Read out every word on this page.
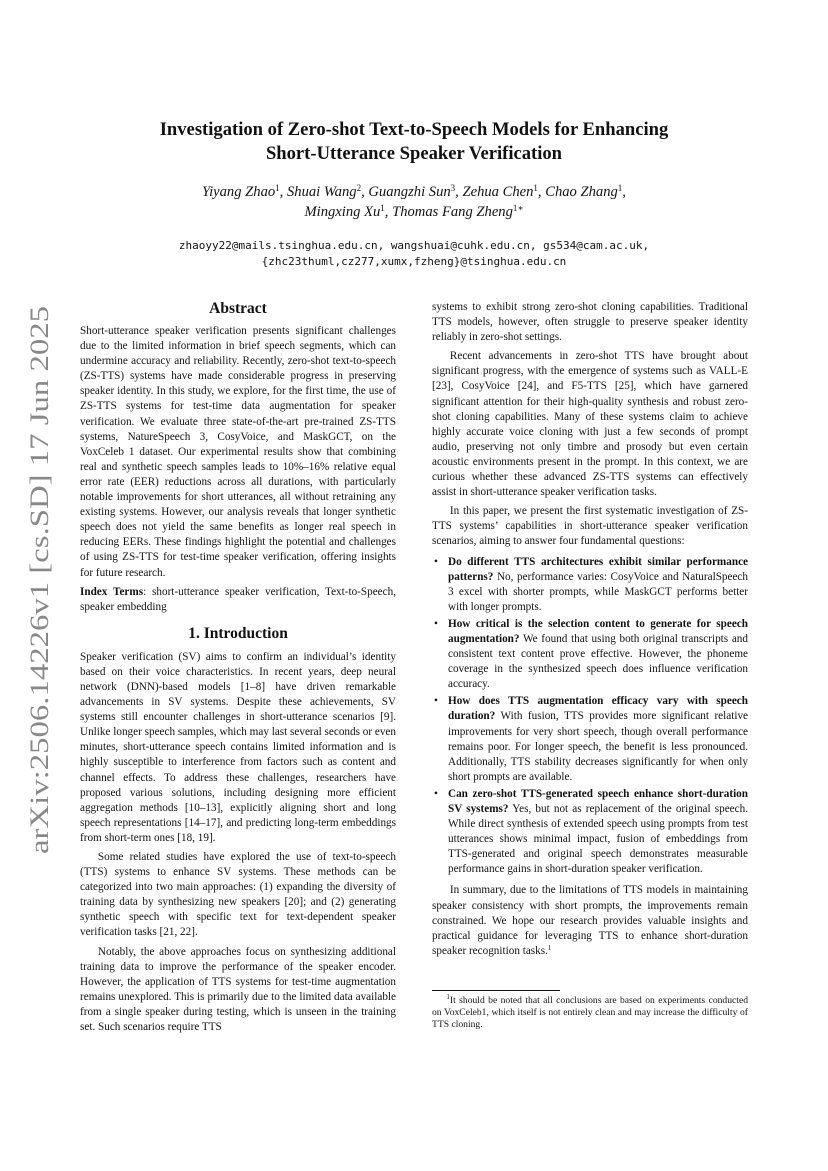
arXiv:2506.14226v1 [cs.SD] 17 Jun 2025
Investigation of Zero-shot Text-to-Speech Models for Enhancing
Short-Utterance Speaker Verification
Yiyang Zhao$^1$, Shuai Wang$^2$, Guangzhi Sun$^3$, Zehua Chen$^1$, Chao Zhang$^1$,
Mingxing Xu$^1$, Thomas Fang Zheng$^{1∗}$
zhaoyy22@mails.tsinghua.edu.cn, wangshuai@cuhk.edu.cn, gs534@cam.ac.uk,
{zhc23thuml,cz277,xumx,fzheng}@tsinghua.edu.cn
Abstract

Short-utterance speaker verification presents significant challenges due to the limited information in brief speech segments, which can undermine accuracy and reliability. Recently, zero-shot text-to-speech (ZS-TTS) systems have made considerable progress in preserving speaker identity. In this study, we explore, for the first time, the use of ZS-TTS systems for test-time data augmentation for speaker verification. We evaluate three state-of-the-art pre-trained ZS-TTS systems, NatureSpeech 3, CosyVoice, and MaskGCT, on the VoxCeleb 1 dataset. Our experimental results show that combining real and synthetic speech samples leads to 10%–16% relative equal error rate (EER) reductions across all durations, with particularly notable improvements for short utterances, all without retraining any existing systems. However, our analysis reveals that longer synthetic speech does not yield the same benefits as longer real speech in reducing EERs. These findings highlight the potential and challenges of using ZS-TTS for test-time speaker verification, offering insights for future research.

Index Terms: short-utterance speaker verification, Text-to-Speech, speaker embedding

1. Introduction

Speaker verification (SV) aims to confirm an individual’s identity based on their voice characteristics. In recent years, deep neural network (DNN)-based models [1–8] have driven remarkable advancements in SV systems. Despite these achievements, SV systems still encounter challenges in short-utterance scenarios [9]. Unlike longer speech samples, which may last several seconds or even minutes, short-utterance speech contains limited information and is highly susceptible to interference from factors such as content and channel effects. To address these challenges, researchers have proposed various solutions, including designing more efficient aggregation methods [10–13], explicitly aligning short and long speech representations [14–17], and predicting long-term embeddings from short-term ones [18, 19].

Some related studies have explored the use of text-to-speech (TTS) systems to enhance SV systems. These methods can be categorized into two main approaches: (1) expanding the diversity of training data by synthesizing new speakers [20]; and (2) generating synthetic speech with specific text for text-dependent speaker verification tasks [21, 22].

Notably, the above approaches focus on synthesizing additional training data to improve the performance of the speaker encoder. However, the application of TTS systems for test-time augmentation remains unexplored. This is primarily due to the limited data available from a single speaker during testing, which is unseen in the training set. Such scenarios require TTS

systems to exhibit strong zero-shot cloning capabilities. Traditional TTS models, however, often struggle to preserve speaker identity reliably in zero-shot settings.

Recent advancements in zero-shot TTS have brought about significant progress, with the emergence of systems such as VALL-E [23], CosyVoice [24], and F5-TTS [25], which have garnered significant attention for their high-quality synthesis and robust zero-shot cloning capabilities. Many of these systems claim to achieve highly accurate voice cloning with just a few seconds of prompt audio, preserving not only timbre and prosody but even certain acoustic environments present in the prompt. In this context, we are curious whether these advanced ZS-TTS systems can effectively assist in short-utterance speaker verification tasks.

In this paper, we present the first systematic investigation of ZS-TTS systems’ capabilities in short-utterance speaker verification scenarios, aiming to answer four fundamental questions:

• Do different TTS architectures exhibit similar performance patterns? No, performance varies: CosyVoice and NaturalSpeech 3 excel with shorter prompts, while MaskGCT performs better with longer prompts.
• How critical is the selection content to generate for speech augmentation? We found that using both original transcripts and consistent text content prove effective. However, the phoneme coverage in the synthesized speech does influence verification accuracy.
• How does TTS augmentation efficacy vary with speech duration? With fusion, TTS provides more significant relative improvements for very short speech, though overall performance remains poor. For longer speech, the benefit is less pronounced. Additionally, TTS stability decreases significantly for when only short prompts are available.
• Can zero-shot TTS-generated speech enhance short-duration SV systems? Yes, but not as replacement of the original speech. While direct synthesis of extended speech using prompts from test utterances shows minimal impact, fusion of embeddings from TTS-generated and original speech demonstrates measurable performance gains in short-duration speaker verification.

In summary, due to the limitations of TTS models in maintaining speaker consistency with short prompts, the improvements remain constrained. We hope our research provides valuable insights and practical guidance for leveraging TTS to enhance short-duration speaker recognition tasks.$^1$

$^1$It should be noted that all conclusions are based on experiments conducted on VoxCeleb1, which itself is not entirely clean and may increase the difficulty of TTS cloning.
